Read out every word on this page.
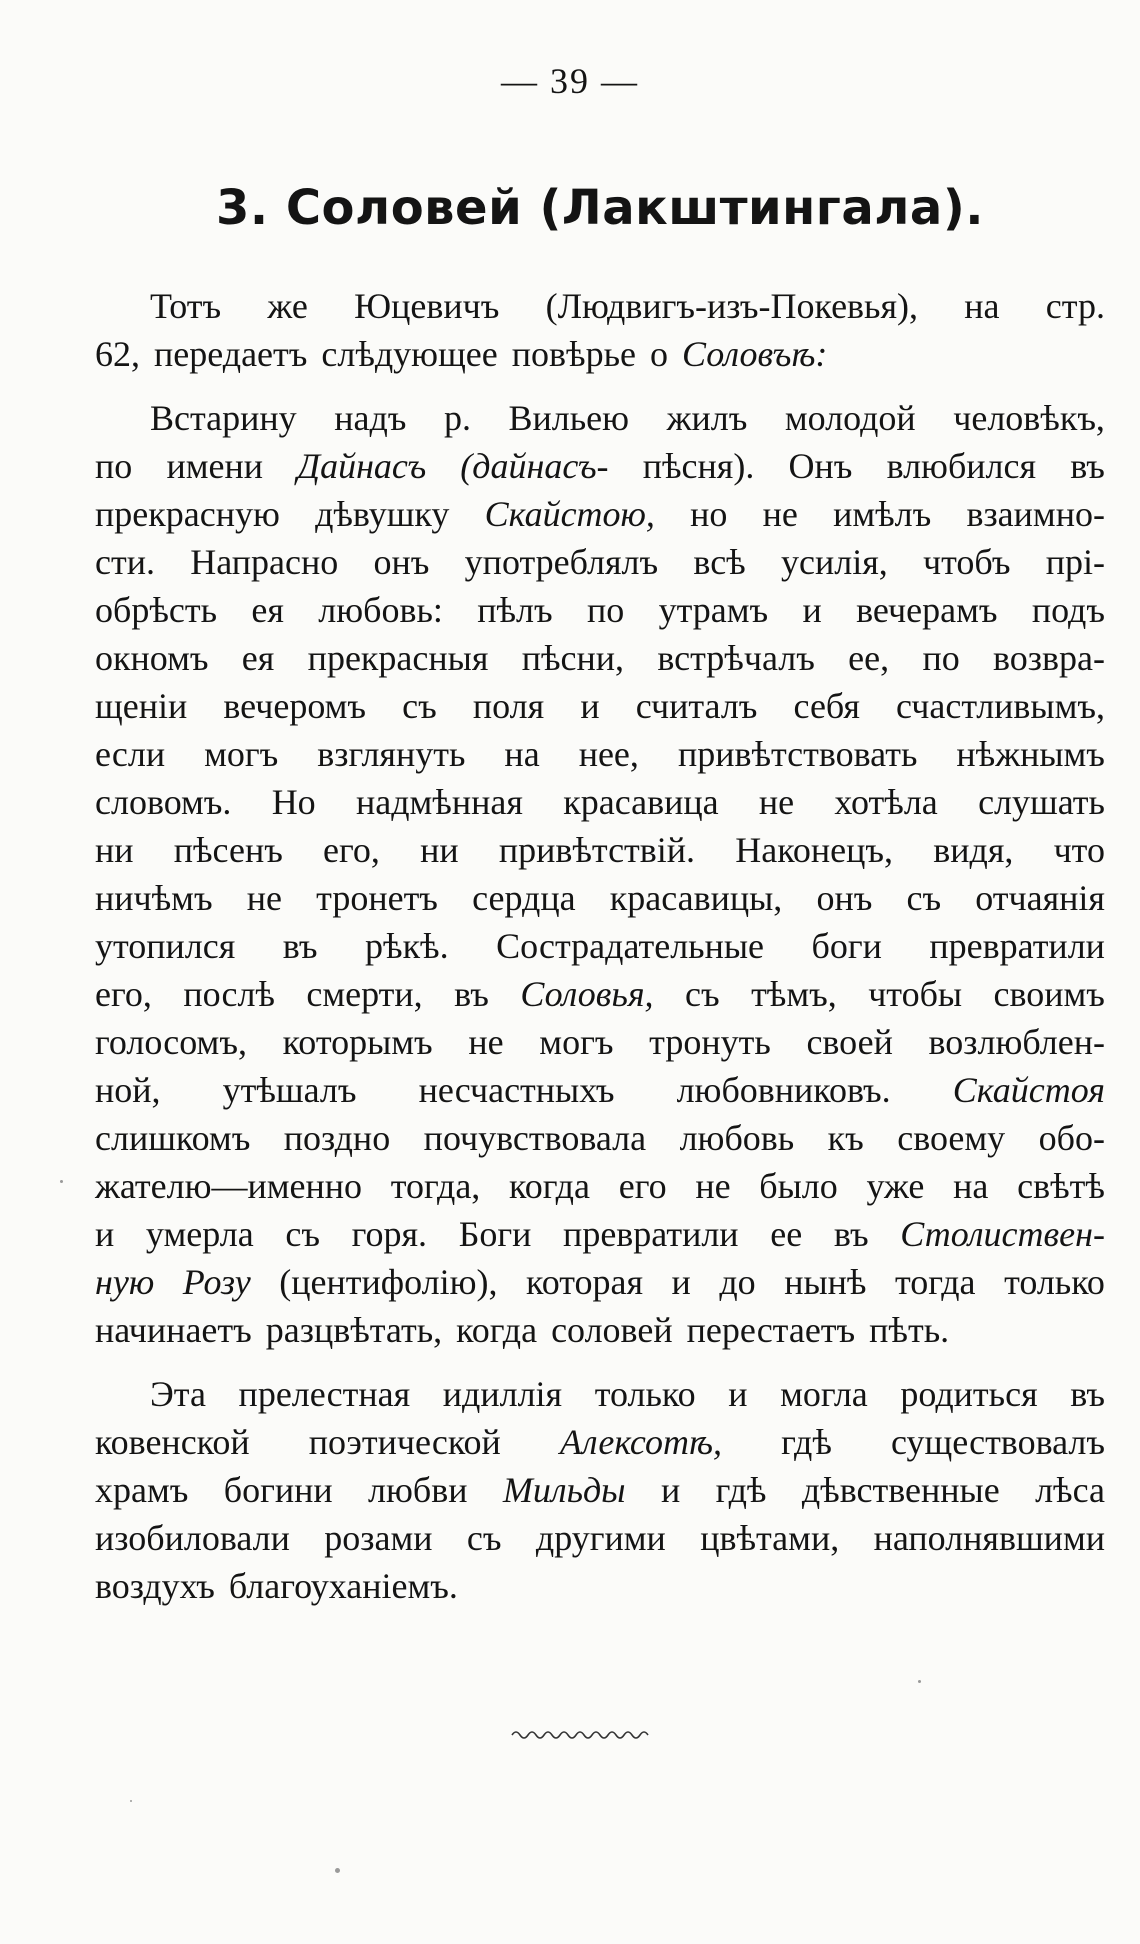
— 39 —
3. Соловей (Лакштингала).
Тотъ же Юцевичъ (Людвигъ-изъ-Покевья), на стр.
62, передаетъ слѣдующее повѣрье о Соловъѣ:
Встарину надъ р. Вильею жилъ молодой человѣкъ,
по имени Дайнасъ (дайнасъ- пѣсня). Онъ влюбился въ
прекрасную дѣвушку Скайстою, но не имѣлъ взаимно-
сти. Напрасно онъ употреблялъ всѣ усилія, чтобъ прі-
обрѣсть ея любовь: пѣлъ по утрамъ и вечерамъ подъ
окномъ ея прекрасныя пѣсни, встрѣчалъ ее, по возвра-
щеніи вечеромъ съ поля и считалъ себя счастливымъ,
если могъ взглянуть на нее, привѣтствовать нѣжнымъ
словомъ. Но надмѣнная красавица не хотѣла слушать
ни пѣсенъ его, ни привѣтствій. Наконецъ, видя, что
ничѣмъ не тронетъ сердца красавицы, онъ съ отчаянія
утопился въ рѣкѣ. Сострадательные боги превратили
его, послѣ смерти, въ Соловья, съ тѣмъ, чтобы своимъ
голосомъ, которымъ не могъ тронуть своей возлюблен-
ной, утѣшалъ несчастныхъ любовниковъ. Скайстоя
слишкомъ поздно почувствовала любовь къ своему обо-
жателю—именно тогда, когда его не было уже на свѣтѣ
и умерла съ горя. Боги превратили ее въ Столиствен-
ную Розу (центифолію), которая и до нынѣ тогда только
начинаетъ разцвѣтать, когда соловей перестаетъ пѣть.
Эта прелестная идиллія только и могла родиться въ
ковенской поэтической Алексотѣ, гдѣ существовалъ
храмъ богини любви Мильды и гдѣ дѣвственные лѣса
изобиловали розами съ другими цвѣтами, наполнявшими
воздухъ благоуханіемъ.
